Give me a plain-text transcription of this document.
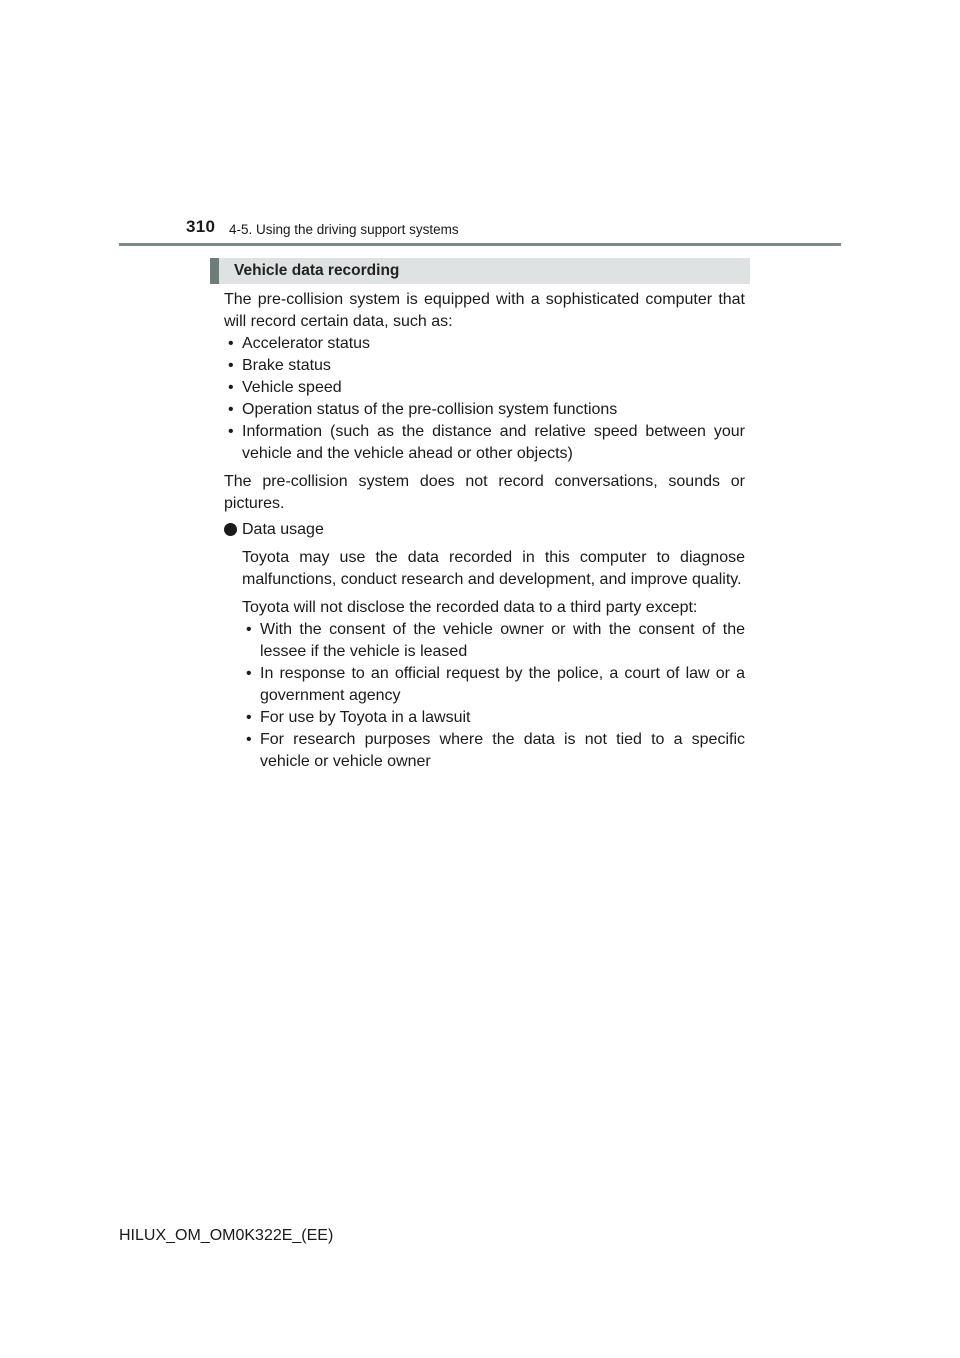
310 4-5. Using the driving support systems
Vehicle data recording

The pre-collision system is equipped with a sophisticated computer that will record certain data, such as:

• Accelerator status
• Brake status
• Vehicle speed
• Operation status of the pre-collision system functions
• Information (such as the distance and relative speed between your vehicle and the vehicle ahead or other objects)

The pre-collision system does not record conversations, sounds or pictures.

Data usage

Toyota may use the data recorded in this computer to diagnose malfunctions, conduct research and development, and improve quality.

Toyota will not disclose the recorded data to a third party except:

• With the consent of the vehicle owner or with the consent of the lessee if the vehicle is leased
• In response to an official request by the police, a court of law or a government agency
• For use by Toyota in a lawsuit
• For research purposes where the data is not tied to a specific vehicle or vehicle owner
HILUX_OM_OM0K322E_(EE)
